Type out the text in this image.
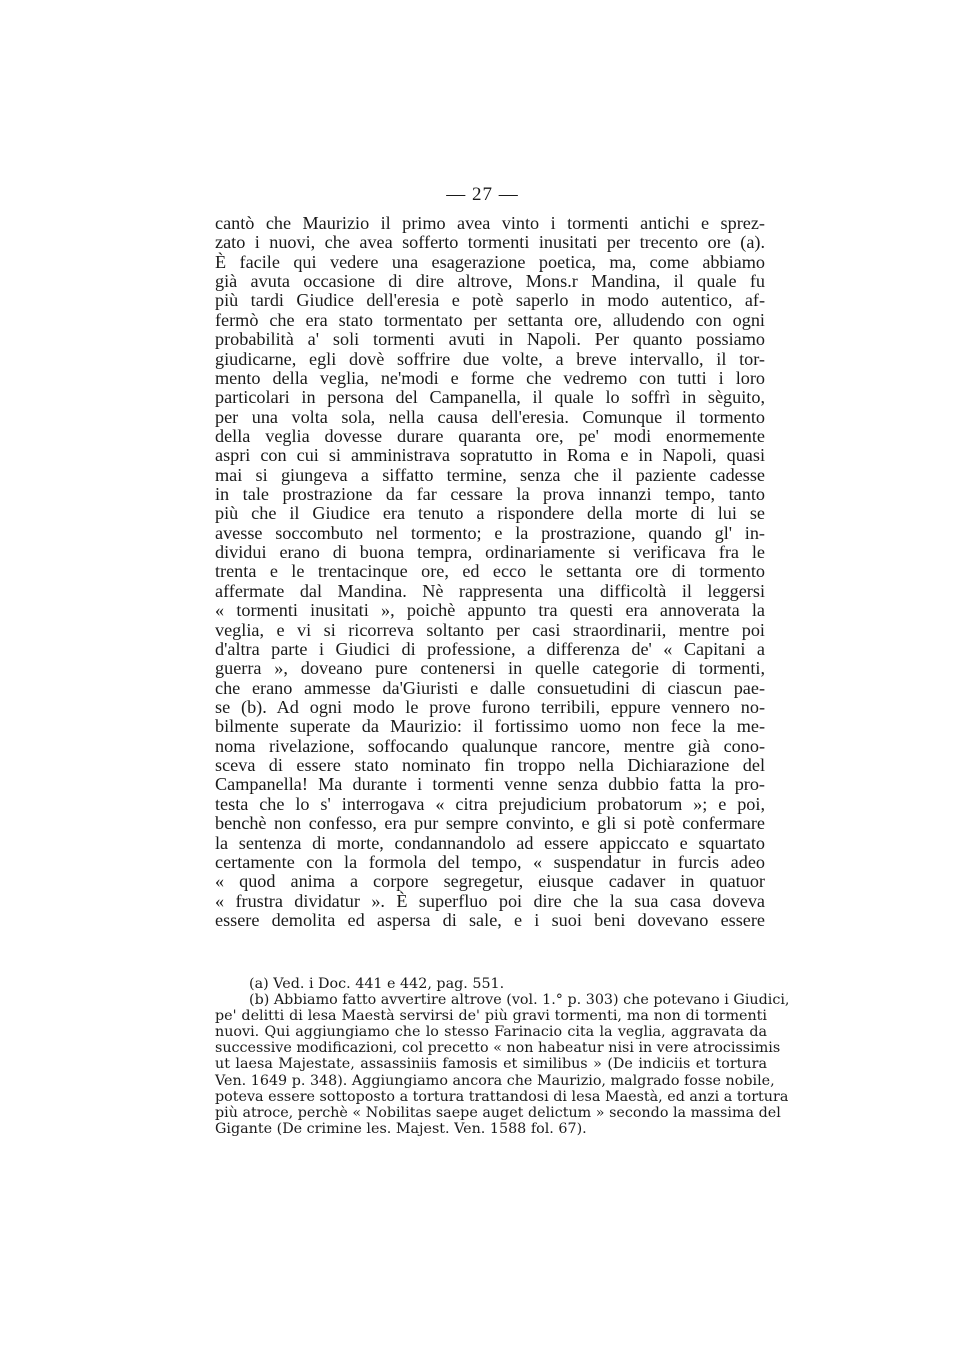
— 27 —
cantò che Maurizio il primo avea vinto i tormenti antichi e sprez-
zato i nuovi, che avea sofferto tormenti inusitati per trecento ore (a).
È facile qui vedere una esagerazione poetica, ma, come abbiamo
già avuta occasione di dire altrove, Mons.r Mandina, il quale fu
più tardi Giudice dell'eresia e potè saperlo in modo autentico, af-
fermò che era stato tormentato per settanta ore, alludendo con ogni
probabilità a' soli tormenti avuti in Napoli. Per quanto possiamo
giudicarne, egli dovè soffrire due volte, a breve intervallo, il tor-
mento della veglia, ne'modi e forme che vedremo con tutti i loro
particolari in persona del Campanella, il quale lo soffrì in sèguito,
per una volta sola, nella causa dell'eresia. Comunque il tormento
della veglia dovesse durare quaranta ore, pe' modi enormemente
aspri con cui si amministrava sopratutto in Roma e in Napoli, quasi
mai si giungeva a siffatto termine, senza che il paziente cadesse
in tale prostrazione da far cessare la prova innanzi tempo, tanto
più che il Giudice era tenuto a rispondere della morte di lui se
avesse soccombuto nel tormento; e la prostrazione, quando gl' in-
dividui erano di buona tempra, ordinariamente si verificava fra le
trenta e le trentacinque ore, ed ecco le settanta ore di tormento
affermate dal Mandina. Nè rappresenta una difficoltà il leggersi
« tormenti inusitati », poichè appunto tra questi era annoverata la
veglia, e vi si ricorreva soltanto per casi straordinarii, mentre poi
d'altra parte i Giudici di professione, a differenza de' « Capitani a
guerra », doveano pure contenersi in quelle categorie di tormenti,
che erano ammesse da'Giuristi e dalle consuetudini di ciascun pae-
se (b). Ad ogni modo le prove furono terribili, eppure vennero no-
bilmente superate da Maurizio: il fortissimo uomo non fece la me-
noma rivelazione, soffocando qualunque rancore, mentre già cono-
sceva di essere stato nominato fin troppo nella Dichiarazione del
Campanella! Ma durante i tormenti venne senza dubbio fatta la pro-
testa che lo s' interrogava « citra prejudicium probatorum »; e poi,
benchè non confesso, era pur sempre convinto, e gli si potè confermare
la sentenza di morte, condannandolo ad essere appiccato e squartato
certamente con la formola del tempo, « suspendatur in furcis adeo
« quod anima a corpore segregetur, eiusque cadaver in quatuor
« frustra dividatur ». È superfluo poi dire che la sua casa doveva
essere demolita ed aspersa di sale, e i suoi beni dovevano essere
(a) Ved. i Doc. 441 e 442, pag. 551.
(b) Abbiamo fatto avvertire altrove (vol. 1.° p. 303) che potevano i Giudici,
pe' delitti di lesa Maestà servirsi de' più gravi tormenti, ma non di tormenti
nuovi. Qui aggiungiamo che lo stesso Farinacio cita la veglia, aggravata da
successive modificazioni, col precetto « non habeatur nisi in vere atrocissimis
ut laesa Majestate, assassiniis famosis et similibus » (De indiciis et tortura
Ven. 1649 p. 348). Aggiungiamo ancora che Maurizio, malgrado fosse nobile,
poteva essere sottoposto a tortura trattandosi di lesa Maestà, ed anzi a tortura
più atroce, perchè « Nobilitas saepe auget delictum » secondo la massima del
Gigante (De crimine les. Majest. Ven. 1588 fol. 67).
